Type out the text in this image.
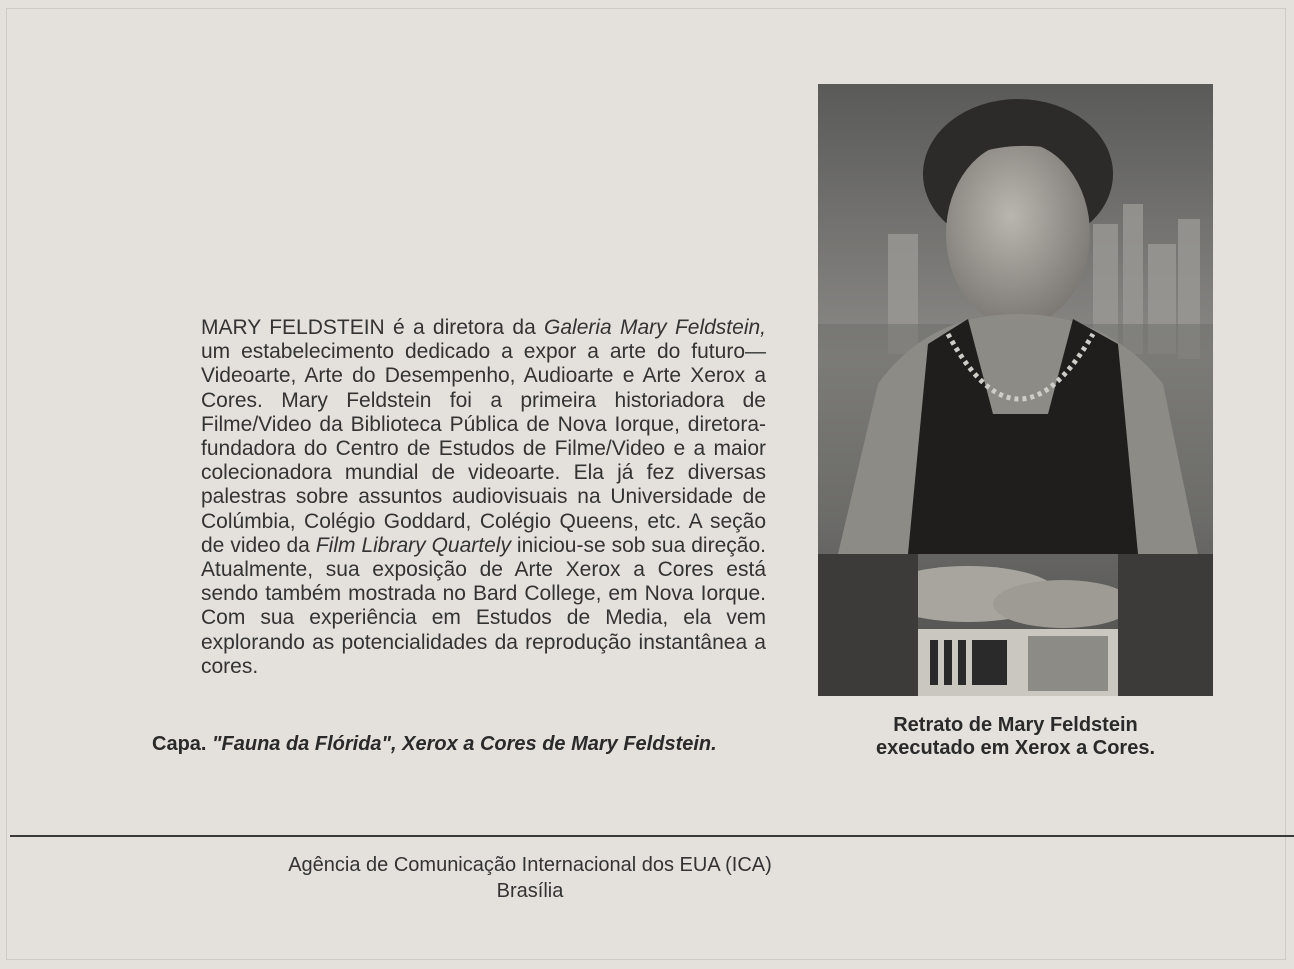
MARY FELDSTEIN é a diretora da Galeria Mary Feldstein, um estabelecimento dedicado a expor a arte do futuro—Videoarte, Arte do Desempenho, Audioarte e Arte Xerox a Cores. Mary Feldstein foi a primeira historiadora de Filme/Video da Biblioteca Pública de Nova Iorque, diretora-fundadora do Centro de Estudos de Filme/Video e a maior colecionadora mundial de videoarte. Ela já fez diversas palestras sobre assuntos audiovisuais na Universidade de Colúmbia, Colégio Goddard, Colégio Queens, etc. A seção de video da Film Library Quartely iniciou-se sob sua direção. Atualmente, sua exposição de Arte Xerox a Cores está sendo também mostrada no Bard College, em Nova Iorque. Com sua experiência em Estudos de Media, ela vem explorando as potencialidades da reprodução instantânea a cores.
Capa. "Fauna da Flórida", Xerox a Cores de Mary Feldstein.
Retrato de Mary Feldstein
executado em Xerox a Cores.
Agência de Comunicação Internacional dos EUA (ICA)
Brasília
